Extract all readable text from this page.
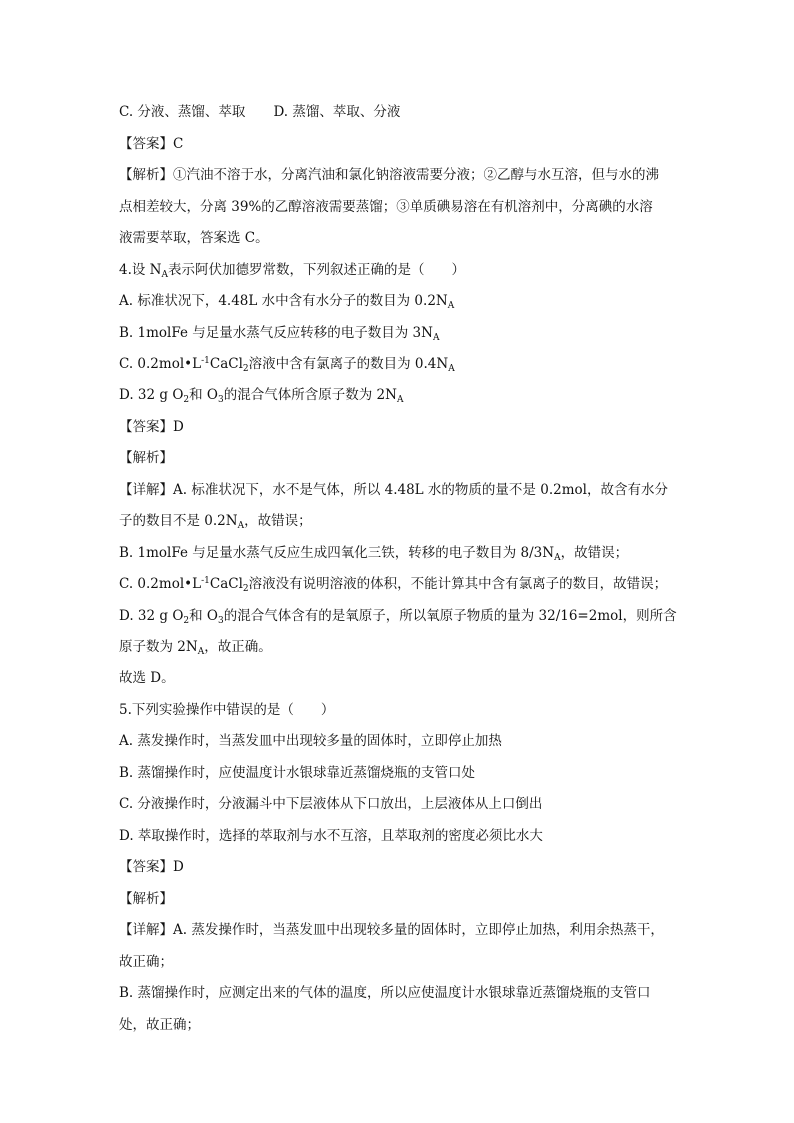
C. 分液、蒸馏、萃取 D. 蒸馏、萃取、分液
【答案】C
【解析】①汽油不溶于水，分离汽油和氯化钠溶液需要分液；②乙醇与水互溶，但与水的沸
点相差较大，分离 39%的乙醇溶液需要蒸馏；③单质碘易溶在有机溶剂中，分离碘的水溶
液需要萃取，答案选 C。
4.设 $N_A$表示阿伏加德罗常数，下列叙述正确的是（　　）
A. 标准状况下，4.48L 水中含有水分子的数目为 $0.2N_A$
B. 1molFe 与足量水蒸气反应转移的电子数目为 $3N_A$
C. $0.2mol•L^{-1}CaCl_2$溶液中含有氯离子的数目为 $0.4N_A$
D. 32 g $O_2$和 $O_3$的混合气体所含原子数为 $2N_A$
【答案】D
【解析】
【详解】A. 标准状况下，水不是气体，所以 4.48L 水的物质的量不是 0.2mol，故含有水分
子的数目不是 $0.2N_A$，故错误；
B. 1molFe 与足量水蒸气反应生成四氧化三铁，转移的电子数目为 $8/3N_A$，故错误；
C. $0.2mol•L^{-1}CaCl_2$溶液没有说明溶液的体积，不能计算其中含有氯离子的数目，故错误；
D. 32 g $O_2$和 $O_3$的混合气体含有的是氧原子，所以氧原子物质的量为 32/16=2mol，则所含
原子数为 $2N_A$，故正确。
故选 D。
5.下列实验操作中错误的是（　　）
A. 蒸发操作时，当蒸发皿中出现较多量的固体时，立即停止加热
B. 蒸馏操作时，应使温度计水银球靠近蒸馏烧瓶的支管口处
C. 分液操作时，分液漏斗中下层液体从下口放出，上层液体从上口倒出
D. 萃取操作时，选择的萃取剂与水不互溶，且萃取剂的密度必须比水大
【答案】D
【解析】
【详解】A. 蒸发操作时，当蒸发皿中出现较多量的固体时，立即停止加热，利用余热蒸干，
故正确；
B. 蒸馏操作时，应测定出来的气体的温度，所以应使温度计水银球靠近蒸馏烧瓶的支管口
处，故正确；
